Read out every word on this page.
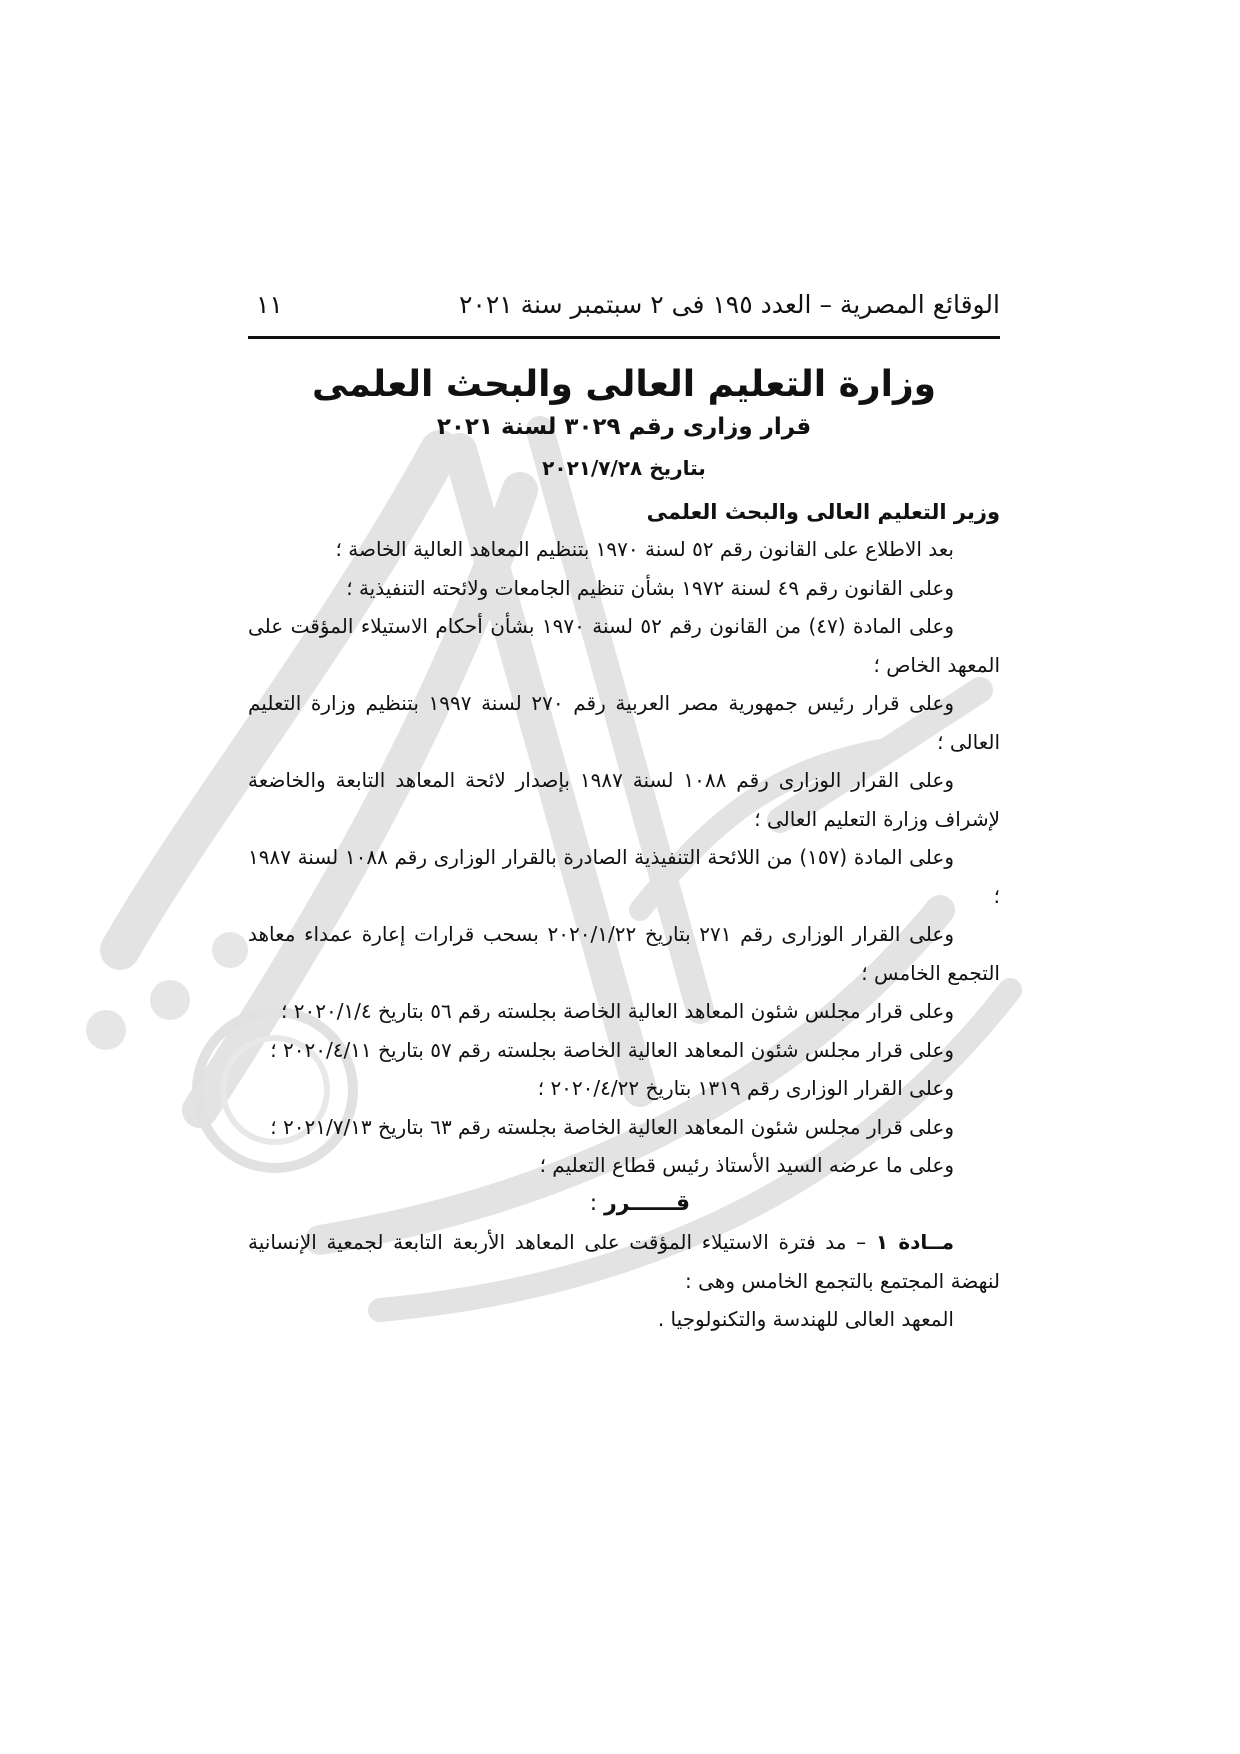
الوقائع المصرية – العدد ١٩٥ فى ٢ سبتمبر سنة ٢٠٢١
١١
وزارة التعليم العالى والبحث العلمى
قرار وزارى رقم ٣٠٢٩ لسنة ٢٠٢١
بتاريخ ٢٠٢١/٧/٢٨
وزير التعليم العالى والبحث العلمى

بعد الاطلاع على القانون رقم ٥٢ لسنة ١٩٧٠ بتنظيم المعاهد العالية الخاصة ؛

وعلى القانون رقم ٤٩ لسنة ١٩٧٢ بشأن تنظيم الجامعات ولائحته التنفيذية ؛

وعلى المادة (٤٧) من القانون رقم ٥٢ لسنة ١٩٧٠ بشأن أحكام الاستيلاء المؤقت على المعهد الخاص ؛

وعلى قرار رئيس جمهورية مصر العربية رقم ٢٧٠ لسنة ١٩٩٧ بتنظيم وزارة التعليم العالى ؛

وعلى القرار الوزارى رقم ١٠٨٨ لسنة ١٩٨٧ بإصدار لائحة المعاهد التابعة والخاضعة لإشراف وزارة التعليم العالى ؛

وعلى المادة (١٥٧) من اللائحة التنفيذية الصادرة بالقرار الوزارى رقم ١٠٨٨ لسنة ١٩٨٧ ؛

وعلى القرار الوزارى رقم ٢٧١ بتاريخ ٢٠٢٠/١/٢٢ بسحب قرارات إعارة عمداء معاهد التجمع الخامس ؛

وعلى قرار مجلس شئون المعاهد العالية الخاصة بجلسته رقم ٥٦ بتاريخ ٢٠٢٠/١/٤ ؛

وعلى قرار مجلس شئون المعاهد العالية الخاصة بجلسته رقم ٥٧ بتاريخ ٢٠٢٠/٤/١١ ؛

وعلى القرار الوزارى رقم ١٣١٩ بتاريخ ٢٠٢٠/٤/٢٢ ؛

وعلى قرار مجلس شئون المعاهد العالية الخاصة بجلسته رقم ٦٣ بتاريخ ٢٠٢١/٧/١٣ ؛

وعلى ما عرضه السيد الأستاذ رئيس قطاع التعليم ؛

قــــــرر :

مــادة ١ – مد فترة الاستيلاء المؤقت على المعاهد الأربعة التابعة لجمعية الإنسانية لنهضة المجتمع بالتجمع الخامس وهى :

المعهد العالى للهندسة والتكنولوجيا .
